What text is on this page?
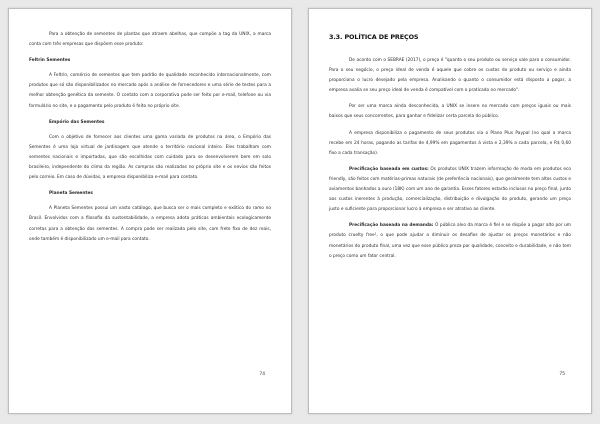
Para a obtenção de sementes de plantas que atraem abelhas, que compõe a tag da UNIX, a marca conta com três empresas que dispõem esse produto:

Feltrin Sementes

A Feltrin, comércio de sementes que tem padrão de qualidade reconhecido internacionalmente, com produtos que só são disponibilizados no mercado após a análise de fornecedores e uma série de testes para a melhor obtenção genética da semente. O contato com a corporativa pode ser feito por e-mail, telefone ou via formulário no site, e o pagamento pelo produto é feito no próprio site.

Empório das Sementes

Com o objetivo de fornecer aos clientes uma gama variada de produtos na área, o Empório das Sementes é uma loja virtual de jardinagem que atende o território nacional inteiro. Eles trabalham com sementes nacionais e importadas, que são escolhidas com cuidado para se desenvolverem bem em solo brasileiro, independente do clima da região. As compras são realizadas no próprio site e os envios são feitos pelo correio. Em caso de dúvidas, a empresa disponibiliza e-mail para contato.

Planeta Sementes

A Planeta Sementes possui um vasto catálogo, que busca ser o mais completo e exótico do ramo no Brasil. Envolvidos com a filosofia da sustentabilidade, a empresa adota práticas ambientais ecologicamente corretas para a obtenção das sementes. A compra pode ser realizada pelo site, com frete fixo de dez reais, onde também é disponibilizado um e-mail para contato.

74
3.3. POLÍTICA DE PREÇOS

De acordo com o SEBRAE (2017), o preço é "quanto o seu produto ou serviço vale para o consumidor. Para o seu negócio, o preço ideal de venda é aquele que cobre os custos do produto ou serviço e ainda proporciona o lucro desejado pela empresa. Analisando o quanto o consumidor está disposto a pagar, a empresa avalia se seu preço ideal de venda é compatível com o praticado no mercado".

Por ser uma marca ainda desconhecida, a UNIX se insere no mercado com preços iguais ou mais baixos que seus concorrentes, para ganhar e fidelizar certa parcela do público.

A empresa disponibiliza o pagamento de seus produtos via o Plano Plus Paypal (no qual a marca recebe em 24 horas, pagando as tarifas de 4,99% em pagamentos à vista e 2,39% a cada parcela, e R$ 0,60 fixo a cada transação).

Precificação baseada em custos: Os produtos UNIX trazem informação de moda em produtos eco friendly, são feitos com matérias-primas naturais (de preferência nacionais), que geralmente tem altos custos e aviamentos banhados a ouro (18K) com um ano de garantia. Esses fatores estarão inclusos no preço final, junto aos custos inerentes à produção, comercialização, distribuição e divulgação do produto, gerando um preço justo e suficiente para proporcionar lucro à empresa e ser atrativo ao cliente.

Precificação baseada na demanda: O público alvo da marca é fiel e se dispõe a pagar alto por um produto cruelty free¹, o que pode ajudar a diminuir os desafios de ajustar os preços monetários e não monetários do produto final, uma vez que esse público preza por qualidade, conceito e durabilidade, e não tem o preço como um fator central.

75
